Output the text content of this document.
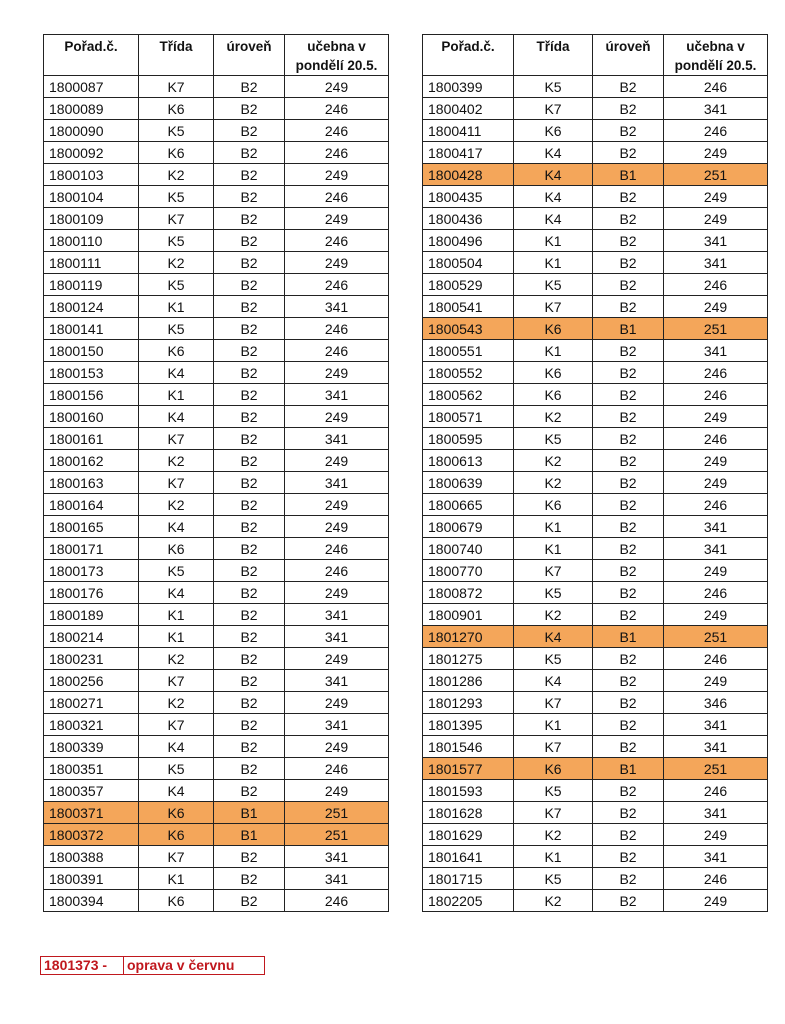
Pořad.č.	Třída	úroveň	učebna v pondělí 20.5.
1800087	K7	B2	249
1800089	K6	B2	246
1800090	K5	B2	246
1800092	K6	B2	246
1800103	K2	B2	249
1800104	K5	B2	246
1800109	K7	B2	249
1800110	K5	B2	246
1800111	K2	B2	249
1800119	K5	B2	246
1800124	K1	B2	341
1800141	K5	B2	246
1800150	K6	B2	246
1800153	K4	B2	249
1800156	K1	B2	341
1800160	K4	B2	249
1800161	K7	B2	341
1800162	K2	B2	249
1800163	K7	B2	341
1800164	K2	B2	249
1800165	K4	B2	249
1800171	K6	B2	246
1800173	K5	B2	246
1800176	K4	B2	249
1800189	K1	B2	341
1800214	K1	B2	341
1800231	K2	B2	249
1800256	K7	B2	341
1800271	K2	B2	249
1800321	K7	B2	341
1800339	K4	B2	249
1800351	K5	B2	246
1800357	K4	B2	249
1800371	K6	B1	251
1800372	K6	B1	251
1800388	K7	B2	341
1800391	K1	B2	341
1800394	K6	B2	246
Pořad.č.	Třída	úroveň	učebna v pondělí 20.5.
1800399	K5	B2	246
1800402	K7	B2	341
1800411	K6	B2	246
1800417	K4	B2	249
1800428	K4	B1	251
1800435	K4	B2	249
1800436	K4	B2	249
1800496	K1	B2	341
1800504	K1	B2	341
1800529	K5	B2	246
1800541	K7	B2	249
1800543	K6	B1	251
1800551	K1	B2	341
1800552	K6	B2	246
1800562	K6	B2	246
1800571	K2	B2	249
1800595	K5	B2	246
1800613	K2	B2	249
1800639	K2	B2	249
1800665	K6	B2	246
1800679	K1	B2	341
1800740	K1	B2	341
1800770	K7	B2	249
1800872	K5	B2	246
1800901	K2	B2	249
1801270	K4	B1	251
1801275	K5	B2	246
1801286	K4	B2	249
1801293	K7	B2	346
1801395	K1	B2	341
1801546	K7	B2	341
1801577	K6	B1	251
1801593	K5	B2	246
1801628	K7	B2	341
1801629	K2	B2	249
1801641	K1	B2	341
1801715	K5	B2	246
1802205	K2	B2	249
1801373 -	oprava v červnu
